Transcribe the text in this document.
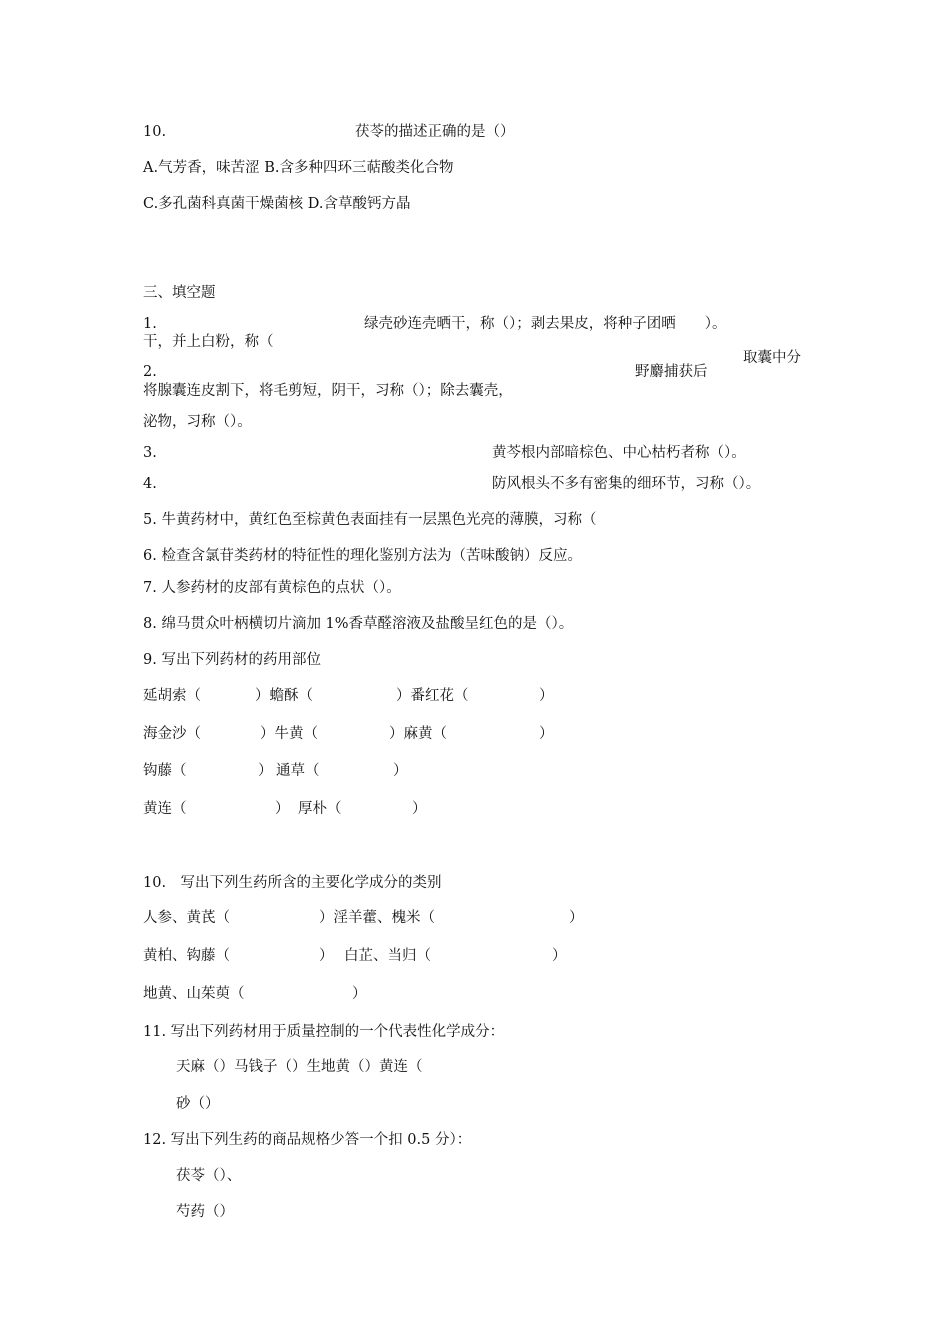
10.	茯苓的描述正确的是（）
A.气芳香，味苦涩 B.含多种四环三萜酸类化合物
C.多孔菌科真菌干燥菌核 D.含草酸钙方晶
三、填空题
1.	绿壳砂连壳晒干，称（）；剥去果皮，将种子团晒　　）。
干，并上白粉，称（
取囊中分
2.	野麝捕获后
将腺囊连皮割下，将毛剪短，阴干，习称（）；除去囊壳，
泌物，习称（）。
3.	黄芩根内部暗棕色、中心枯朽者称（）。
4.	防风根头不多有密集的细环节，习称（）。
5. 牛黄药材中，黄红色至棕黄色表面挂有一层黑色光亮的薄膜，习称（
6. 检查含氯苷类药材的特征性的理化鉴别方法为（苦味酸钠）反应。
7. 人参药材的皮部有黄棕色的点状（）。
8. 绵马贯众叶柄横切片滴加 1%香草醛溶液及盐酸呈红色的是（）。
9. 写出下列药材的药用部位
延胡索（	）蟾酥（	）番红花（	）
海金沙（	）牛黄（	）麻黄（	）
钩藤（	） 通草（	）
黄连（	） 厚朴（	）
10.　写出下列生药所含的主要化学成分的类别
人参、黄芪（	）淫羊藿、槐米（	）
黄柏、钩藤（	） 白芷、当归（	）
地黄、山茱萸（	）
11. 写出下列药材用于质量控制的一个代表性化学成分：
天麻（）马钱子（）生地黄（）黄连（
砂（）
12. 写出下列生药的商品规格少答一个扣 0.5 分）：
茯苓（）、
芍药（）
